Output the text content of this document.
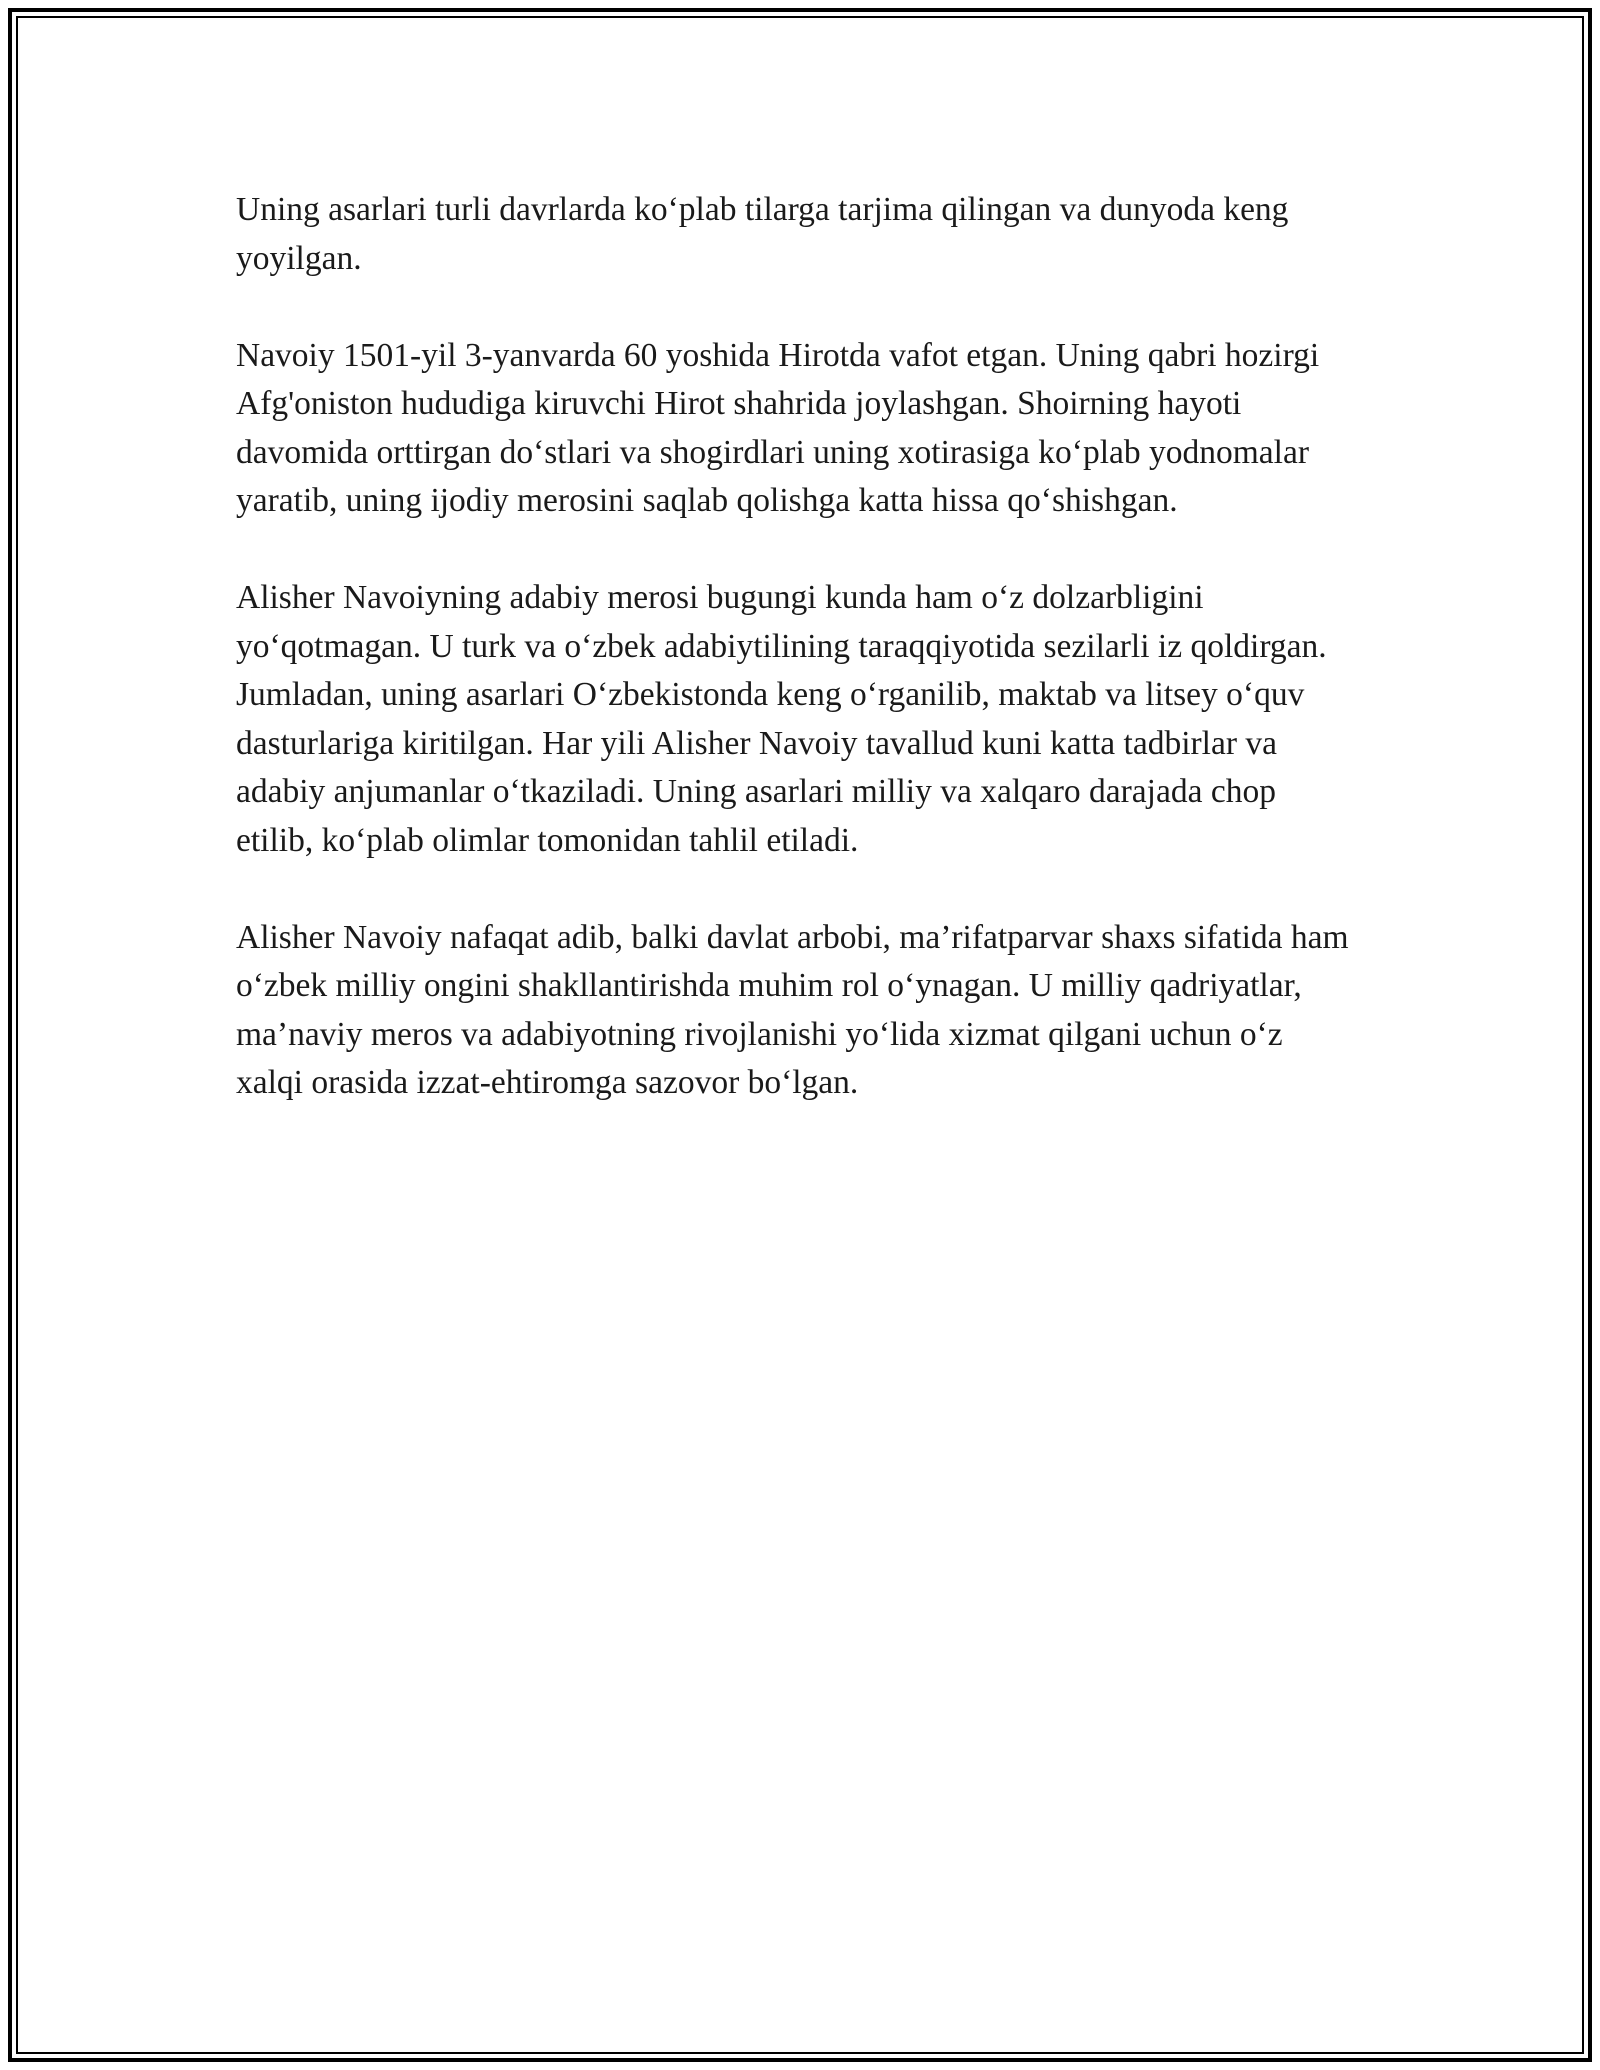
Uning asarlari turli davrlarda ko‘plab tilarga tarjima qilingan va dunyoda keng yoyilgan.

Navoiy 1501-yil 3-yanvarda 60 yoshida Hirotda vafot etgan. Uning qabri hozirgi Afg'oniston hududiga kiruvchi Hirot shahrida joylashgan. Shoirning hayoti davomida orttirgan do‘stlari va shogirdlari uning xotirasiga ko‘plab yodnomalar yaratib, uning ijodiy merosini saqlab qolishga katta hissa qo‘shishgan.

Alisher Navoiyning adabiy merosi bugungi kunda ham o‘z dolzarbligini yo‘qotmagan. U turk va o‘zbek adabiytilining taraqqiyotida sezilarli iz qoldirgan. Jumladan, uning asarlari O‘zbekistonda keng o‘rganilib, maktab va litsey o‘quv dasturlariga kiritilgan. Har yili Alisher Navoiy tavallud kuni katta tadbirlar va adabiy anjumanlar o‘tkaziladi. Uning asarlari milliy va xalqaro darajada chop etilib, ko‘plab olimlar tomonidan tahlil etiladi.

Alisher Navoiy nafaqat adib, balki davlat arbobi, ma’rifatparvar shaxs sifatida ham o‘zbek milliy ongini shakllantirishda muhim rol o‘ynagan. U milliy qadriyatlar, ma’naviy meros va adabiyotning rivojlanishi yo‘lida xizmat qilgani uchun o‘z xalqi orasida izzat-ehtiromga sazovor bo‘lgan.
